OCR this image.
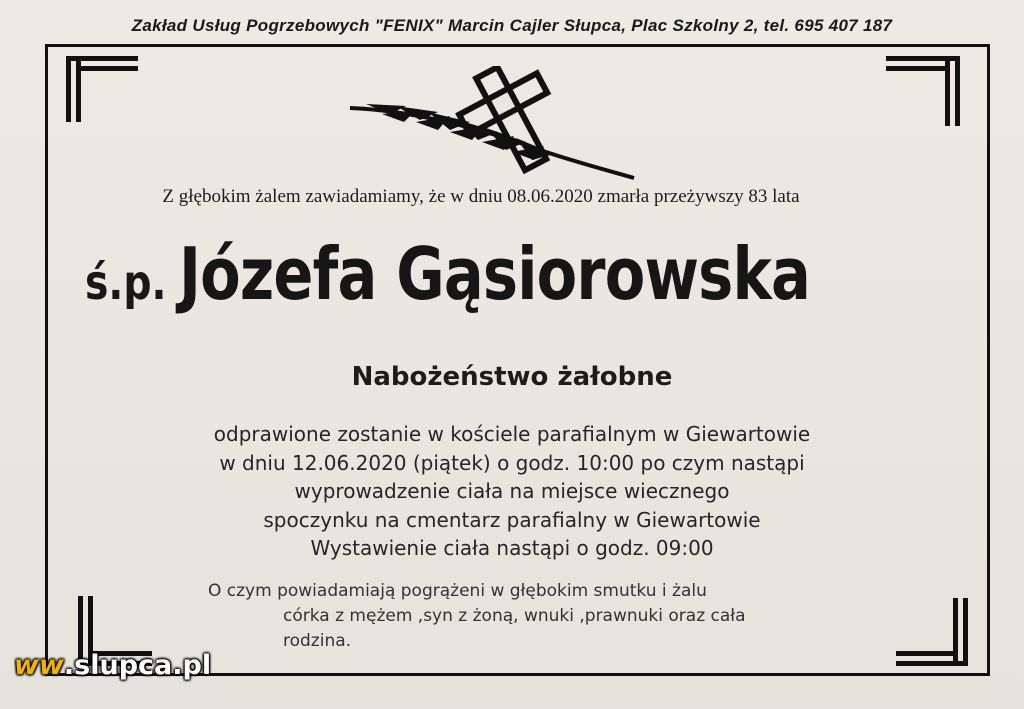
Zakład Usług Pogrzebowych "FENIX" Marcin Cajler Słupca, Plac Szkolny 2, tel. 695 407 187
Z głębokim żalem zawiadamiamy, że w dniu 08.06.2020 zmarła przeżywszy 83 lata
ś.p. Józefa Gąsiorowska
Nabożeństwo żałobne
odprawione zostanie w kościele parafialnym w Giewartowie
w dniu 12.06.2020 (piątek) o godz. 10:00 po czym nastąpi
wyprowadzenie ciała na miejsce wiecznego
spoczynku na cmentarz parafialny w Giewartowie
Wystawienie ciała nastąpi o godz. 09:00
O czym powiadamiają pogrążeni w głębokim smutku i żalu
córka z mężem ,syn z żoną, wnuki ,prawnuki oraz cała
rodzina.
ww.slupca.pl
